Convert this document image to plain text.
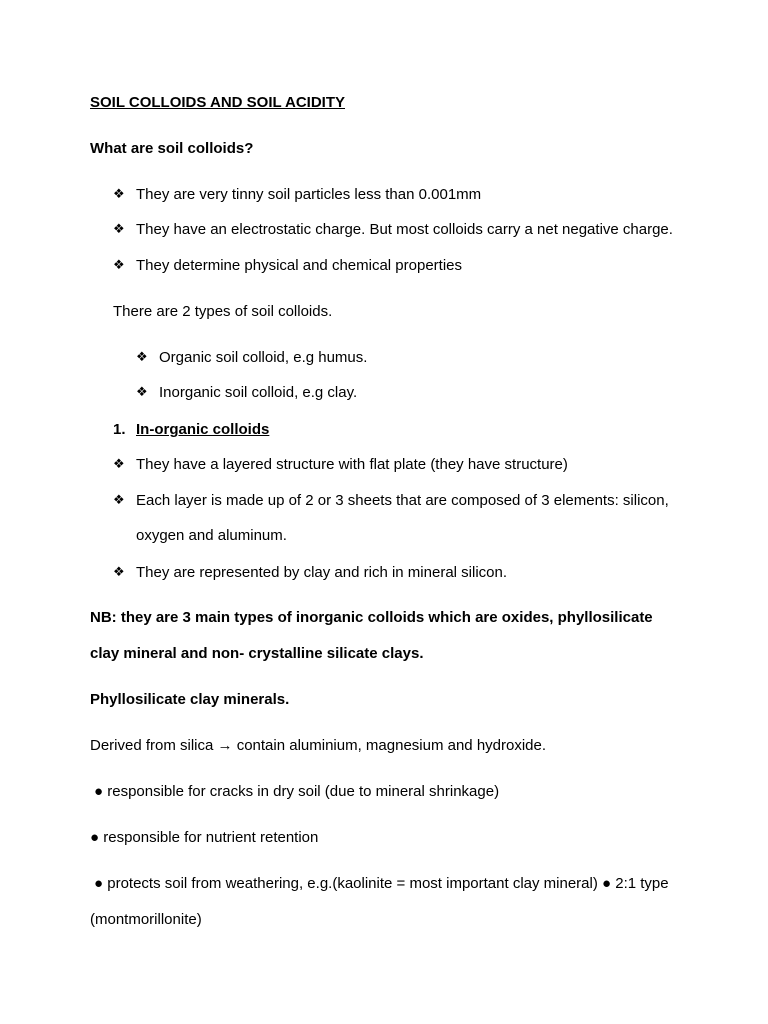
SOIL COLLOIDS AND SOIL ACIDITY
What are soil colloids?
❖ They are very tinny soil particles less than 0.001mm
❖ They have an electrostatic charge. But most colloids carry a net negative charge.
❖ They determine physical and chemical properties
There are 2 types of soil colloids.
❖ Organic soil colloid, e.g humus.
❖ Inorganic soil colloid, e.g clay.
1. In-organic colloids
❖ They have a layered structure with flat plate (they have structure)
❖ Each layer is made up of 2 or 3 sheets that are composed of 3 elements: silicon,
oxygen and aluminum.
❖ They are represented by clay and rich in mineral silicon.
NB: they are 3 main types of inorganic colloids which are oxides, phyllosilicate
clay mineral and non- crystalline silicate clays.
Phyllosilicate clay minerals.
Derived from silica → contain aluminium, magnesium and hydroxide.
● responsible for cracks in dry soil (due to mineral shrinkage)
● responsible for nutrient retention
● protects soil from weathering, e.g.(kaolinite = most important clay mineral) ● 2:1 type
(montmorillonite)
